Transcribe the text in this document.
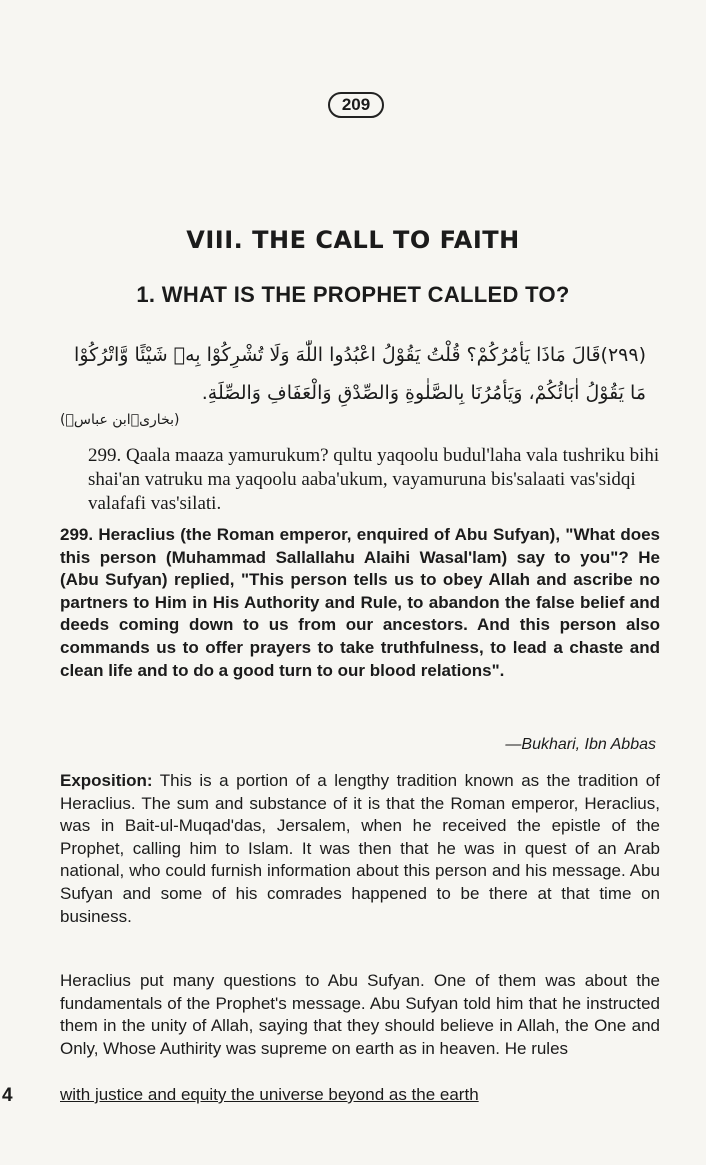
209
VIII. THE CALL TO FAITH
1. WHAT IS THE PROPHET CALLED TO?
(٢٩٩)قَالَ مَاذَا يَأْمُرُكُمْ؟ قُلْتُ يَقُوْلُ اعْبُدُوا اللّٰهَ وَلَا تُشْرِكُوْا بِهٖ شَيْئًا وَّاتْرُكُوْا
مَا يَقُوْلُ اٰبَائُكُمْ، وَيَأْمُرُنَا بِالصَّلٰوةِ وَالصِّدْقِ وَالْعَفَافِ وَالصِّلَةِ.
(بخاری۔ابن عباسؓ)
299. Qaala maaza yamurukum? qultu yaqoolu budul'laha vala tushriku bihi shai'an vatruku ma yaqoolu aaba'ukum, vayamuruna bis'salaati vas'sidqi valafafi vas'silati.
299. Heraclius (the Roman emperor, enquired of Abu Sufyan), "What does this person (Muhammad Sallallahu Alaihi Wasal'lam) say to you"? He (Abu Sufyan) replied, "This person tells us to obey Allah and ascribe no partners to Him in His Authority and Rule, to abandon the false belief and deeds coming down to us from our ancestors. And this person also commands us to offer prayers to take truthfulness, to lead a chaste and clean life and to do a good turn to our blood relations".
—Bukhari, Ibn Abbas
Exposition: This is a portion of a lengthy tradition known as the tradition of Heraclius. The sum and substance of it is that the Roman emperor, Heraclius, was in Bait-ul-Muqad'das, Jersalem, when he received the epistle of the Prophet, calling him to Islam. It was then that he was in quest of an Arab national, who could furnish information about this person and his message. Abu Sufyan and some of his comrades happened to be there at that time on business.
Heraclius put many questions to Abu Sufyan. One of them was about the fundamentals of the Prophet's message. Abu Sufyan told him that he instructed them in the unity of Allah, saying that they should believe in Allah, the One and Only, Whose Authirity was supreme on earth as in heaven. He rules
with justice and equity the universe beyond as the earth
4
